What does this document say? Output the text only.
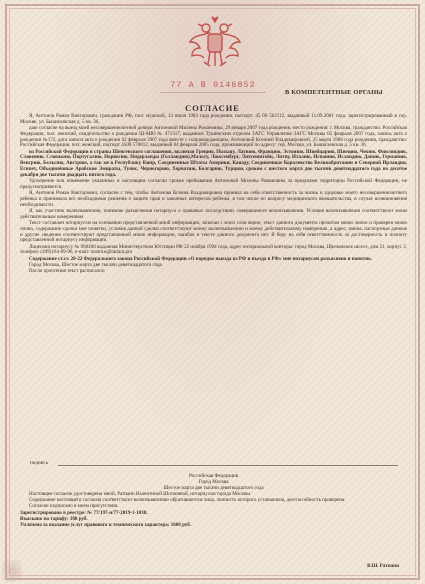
77 А В 9146852
В КОМПЕТЕНТНЫЕ ОРГАНЫ
СОГЛАСИЕ

Я, Антонов Роман Викторович, гражданин РФ, пол: мужской, 13 июля 1983 года рождения, паспорт: 45 09 562112, выданный 11.09.2001 года, зарегистрированный в гор. Москве, ул. Бышиловская д. 5 кв. 36,

даю согласие на выезд моей несовершеннолетней дочери Антоновой Милены Романовны, 29 января 2007 года рождения, место рождения: г. Москва, гражданство: Российская Федерация, пол: женский, свидетельство о рождении Ш-МЮ № 471317, выданное Тушинским отделом ЗАГС Управления ЗАГС Москвы 02 февраля 2007 года, запись акта о рождении №172, дата записи акта о рождении 02 февраля 2007 года вместе с сопровождающим, Антоновой Ксенией Владимировной, 25 марта 1986 года рождения, гражданство: Российская Федерация, пол: женский, паспорт 4508 570812, выданный 04 февраля 2005 года, проживающий по адресу: гор. Москва, ул. Бышиловская д. 5 кв. 36,

из Российской Федерации в страны Шенгенского соглашения, включая Грецию, Польшу, Латвию, Францию, Эстонию, Швейцарию, Швецию, Чехию, Финляндию, Словению, Словакию, Португалию, Норвегию, Нидерланды (Голландию),Мальту, Люксембург, Лихтенштейн, Литву, Италию, Испанию, Исландию, Данию, Германию, Венгрию, Бельгию, Австрию, а так же в Республику Кипр, Соединенные Штаты Америки, Канаду, Соединенные Королевство Великобритании и Северной Ирландии, Египет, Объединённые Арабские Эмираты, Тунис, Черногорию, Хорватию, Болгарию, Турцию, сроком с шестого марта две тысячи девятнадцатого года по десятое декабря две тысячи двадцать пятого года.

Удочерение или изменение указанных в настоящем согласии сроков пребывания Антоновой Милены Романовны за пределами территории Российской Федерации, не предусматривается.

Я, Антонов Роман Викторович, согласен с тем, чтобы Антонова Ксения Владимировна приняла на себя ответственность за жизнь и здоровье моего несовершеннолетнего ребенка и принимала все необходимые решения о защите прав и законных интересов ребенка, в том числе по вопросу медицинского вмешательства, в случае возникновения необходимости.

Я, как участник волеизъявления, понимаю разъяснения нотариуса о правовых последствиях совершаемого волеизъявления. Условия волеизъявления соответствуют моим действительным намерениям.

Текст составлен нотариусом на основании представленной мной информации, записан с моих слов верно, текст данного документа прочитан мною лично и проверен мною лично, содержание сделки мне понятно, условия данной сделки соответствуют моему волеизъявлению и моему действительному намерению, а адрес, имена, паспортные данные и другие сведения соответствуют представленной мною информации, ошибок в тексте данного документа нет. Я беру на себя ответственность за достоверность и полноту представленной нотариусу информации.

Лицензия нотариусу № 000466 выданная Министерством Юстиции РФ 22 ноября 1994 года, адрес нотариальной конторы: город Москва, Щелковское шоссе, дом 21, корпус 2, телефон: (499)164-09-96, e-mail: notarius@ratiani.pro

Содержание ст.ст. 20-22 Федерального закона Российской Федерации «О порядке выезда из РФ и въезда в РФ» мне нотариусом разъяснено и понятно.

Город Москва, Шестое марта две тысячи девятнадцатого года.

После прочтения текст расписался:

подпись
Российская Федерация
Город Москва
Шестое марта две тысячи девятнадцатого года

Настоящее согласие удостоверено мной, Ратиани Валентиной Шотаевной, нотариусом города Москвы.

Содержание настоящего согласия соответствует волеизъявлению обратившегося лица, личность которого установлена, дееспособность проверена.

Согласие подписано в моем присутствии.

Зарегистрировано в реестре: № 77/197-н/77-2019-1-1038.

Взыскано по тарифу: 100 руб.

Уплачено за оказание услуг правового и технического характера: 1600 руб.

В.Ш. Ратиани
